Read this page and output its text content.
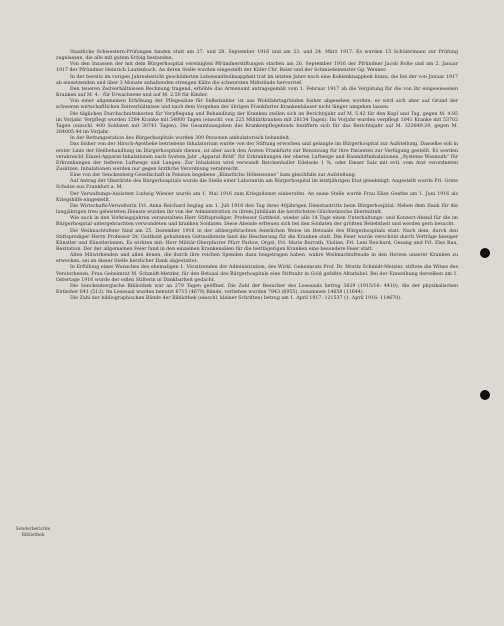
Staatliche Schwestern-Prüfungen fanden statt am 27. und 28. September 1916 und am 23. und 24. März 1917. Es wurden 15 Schülerinnen zur Prüfung zugelassen, die alle mit gutem Erfolg bestanden.

Von den Insassen der mit dem Bürgerhospital vereinigten Pfründnerstiftungen starben am 26. September 1916 der Pfründner Jacob Bolte und am 2. Januar 1917 der Pfründner Heinrich Lautenbach. An deren Stelle wurden eingestellt der Küfer Chr. Baier und der Schmiedemeister Gg. Wenner.

In der bereits im vorigen Jahresbericht geschilderten Lebensmittelknappheit trat im letzten Jahre noch eine Kohlenknappheit hinzu, die bei der von Januar 1917 ab einsetzenden und über 3 Monate anhaltenden strengen Kälte die schwersten Mißstände hervorrief.

Den teueren Zeitverhältnissen Rechnung tragend, erhöhte das Armenamt antragsgemäß vom 1. Februar 1917 ab die Vergütung für die von ihr eingewiesenen Kranken auf M. 4.– für Erwachsene und auf M. 2.50 für Kinder.

Von einer allgemeinen Erhöhung der Pflegesätze für Selbstzahler ist aus Wohlfahrtsgründen bisher abgesehen worden; es wird sich aber auf Grund der schweren wirtschaftlichen Zeitverhältnisse und nach dem Vorgehen der übrigen Frankfurter Krankenhäuser nicht länger umgehen lassen.

Die täglichen Durchschnittskosten für Verpflegung und Behandlung der Kranken stellen sich im Berichtsjahr auf M. 5.42 für den Kopf und Tag, gegen M. 4.85 im Vorjahr. Verpflegt wurden 1284 Kranke mit 54800 Tagen (einschl. von 225 Militärkranken mit 28134 Tagen). Im Vorjahr wurden verpflegt 1041 Kranke mit 53702 Tagen (einschl. 400 Soldaten mit 30741 Tagen). Die Gesamtausgaben des Krankenpflegefonds beziffern sich für das Berichtsjahr auf M. 323849.29, gegen M. 284005.44 im Vorjahr.

In der Rettungsstation des Bürgerhospitals wurden 309 Personen ambulatorisch behandelt.

Das bisher von der Hirsch-Apotheke betriebene Inhalatorium wurde von der Stiftung erworben und gelangte im Bürgerhospital zur Aufstellung. Dasselbe soll in erster Linie der Heilbehandlung im Bürgerhospitale dienen, ist aber auch den Ärzten Frankfurts zur Benutzung für ihre Patienten zur Verfügung gestellt. Es werden verabreicht Einzel-Apparat-Inhalationen nach System Jahr „Apparat Bräß“ für Erkrankungen der oberen Luftwege und Raumluftinhalationen „Systeme Wasmuth“ für Erkrankungen der tieferen Luftwege und Lungen. Zur Inhalation wird verwandt Reichenhaller Edelsole 1 %, oder Emser Salz mit evtl. vom Arzt verordneten Zusätzen. Inhalationen werden nur gegen ärztliche Verordnung verabreicht.

Eine von der Senckenberg-Gesellschaft in Pension begebene „Künstliche Höhensonne“ kam gleichfalls zur Aufstellung.

Auf Antrag der Oberärzte des Bürgerhospitals wurde die Stelle einer Laborantin am Bürgerhospital im letztjährigen Etat genehmigt. Angestellt wurde Frl. Grete Schulze aus Frankfurt a. M.

Der Verwaltungs-Assistent Ludwig Wiesler wurde am 1. Mai 1916 zum Kriegsdienst einberufen. An seine Stelle wurde Frau Elise Genthe am 1. Juni 1916 als Kriegshilfe eingestellt.

Die Wirtschafts-Verwalterin Frl. Anna Reichard beging am 1. Juli 1916 den Tag ihres 40jährigen Dienstantritts beim Bürgerhospital. Neben dem Dank für die langjährigen treu geleisteten Dienste wurden ihr von der Administration zu ihrem Jubiläum die herzlichsten Glückwünsche übermittelt.

Wie auch in den Vorkriegsjahren veranstaltete Herr Stiftsprediger, Professor Gotthold, wieder alle 14 Tage einen Unterhaltungs- und Konzert-Abend für die im Bürgerhospital untergebrachten verwundeten und kranken Soldaten. Diese Abende erfreuen sich bei den Soldaten der größten Beliebtheit und werden gern besucht.

Die Weihnachtsfeier fand am 25. Dezember 1916 in der althergebrachten feierlichen Weise im Betsaale des Bürgerhospitals statt. Nach dem, durch den Stiftsprediger Herrn Professor Dr. Gotthold gehaltenen Gottesdienste fand die Bescherung für die Kranken statt. Die Feier wurde verschönt durch Vorträge hiesiger Künstler und Künstlerinnen. Es wirkten mit: Herr Militär-Oberpfarrer Pfarr Parlow, Orgel, Frl. Marie Burrath, Violine, Frl. Leni Reichard, Gesang und Frl. Else Rau, Rezitation. Der der allgemeinen Feier fand in den einzelnen Krankensälen für die bettlägerigen Kranken eine besondere Feier statt.

Allen Mitwirkenden und allen denen, die durch ihre reichen Spenden dazu beigetragen haben, wahre Weihnachtsfreude in den Herzen unserer Kranken zu erwecken, sei an dieser Stelle herzlicher Dank abgestattet.

In Erfüllung eines Wunsches des ehemaligen 1. Vorsitzenden der Administration, des Wirkl. Geheimrats Prof. Dr. Moritz Schmidt-Metzler, stiftete die Witwe des Verstorbenen, Frau Geheimrat M. Schmidt-Metzler, für den Betsaal des Bürgerhospitals eine Stiftsuhr in Gold gefaßte Altarbibel. Bei der Einweihung derselben am 1. Ostertage 1916 wurde der edlen Stifterin in Dankbarkeit gedacht.

Die Senckenbergische Bibliothek war an 279 Tagen geöffnet. Die Zahl der Besucher des Lesesaals betrug 3829 (1915/16: 4410), die der physikalischen Entleiher 641 (513). Im Lesesaal wurden benutzt 6715 (4679) Bände, verliehen wurden 7943 (6955), zusammen 14658 (11644).

Die Zahl der bibliographischen Bände der Bibliothek (einschl. kleiner Schriften) betrug am 1. April 1917: 121537 (1. April 1916: 114670).

Sonderberichte
Bibliothek
